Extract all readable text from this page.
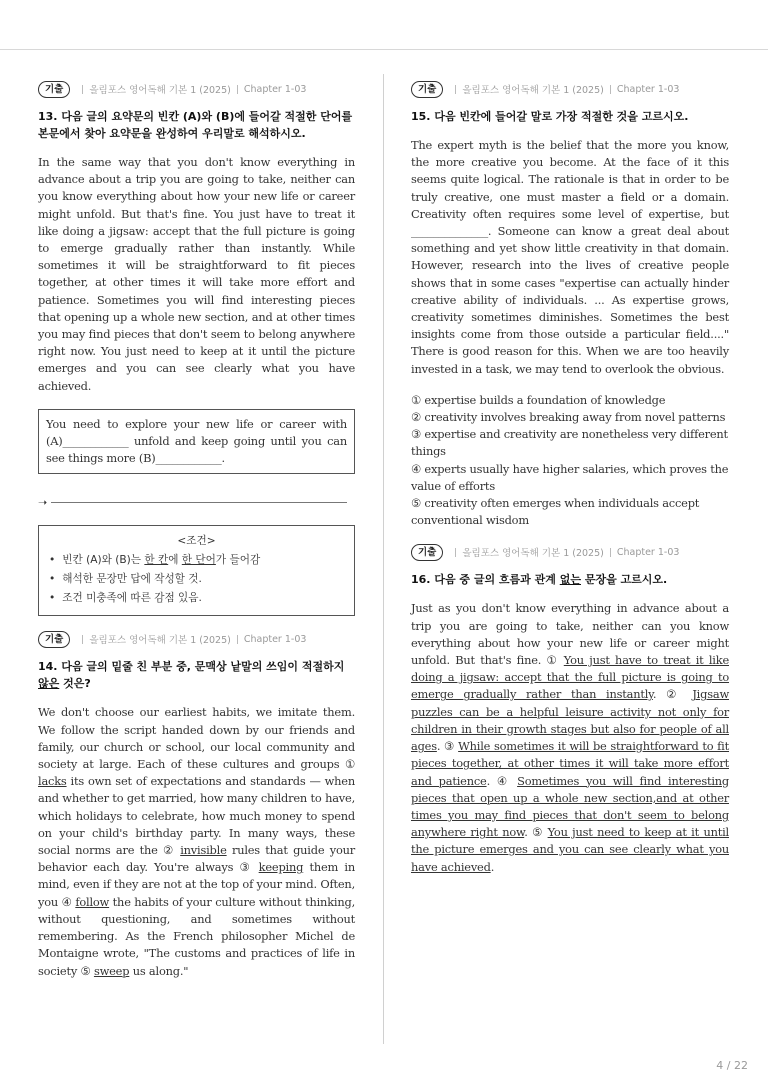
기출	올림포스 영어독해 기본 1 (2025) Chapter 1-03
13. 다음 글의 요약문의 빈칸 (A)와 (B)에 들어갈 적절한 단어를 본문에서 찾아 요약문을 완성하여 우리말로 해석하시오.
In the same way that you don't know everything in advance about a trip you are going to take, neither can you know everything about how your new life or career might unfold. But that's fine. You just have to treat it like doing a jigsaw: accept that the full picture is going to emerge gradually rather than instantly. While sometimes it will be straightforward to fit pieces together, at other times it will take more effort and patience. Sometimes you will find interesting pieces that opening up a whole new section, and at other times you may find pieces that don't seem to belong anywhere right now. You just need to keep at it until the picture emerges and you can see clearly what you have achieved.
You need to explore your new life or career with (A)____________ unfold and keep going until you can see things more (B)____________.
➝
<조건>
• 빈칸 (A)와 (B)는 한 칸에 한 단어가 들어감
• 해석한 문장만 답에 작성할 것.
• 조건 미충족에 따른 감점 있음.
기출	올림포스 영어독해 기본 1 (2025) Chapter 1-03
14. 다음 글의 밑줄 친 부분 중, 문맥상 낱말의 쓰임이 적절하지 않은 것은?
We don't choose our earliest habits, we imitate them. We follow the script handed down by our friends and family, our church or school, our local community and society at large. Each of these cultures and groups ① lacks its own set of expectations and standards — when and whether to get married, how many children to have, which holidays to celebrate, how much money to spend on your child's birthday party. In many ways, these social norms are the ② invisible rules that guide your behavior each day. You're always ③ keeping them in mind, even if they are not at the top of your mind. Often, you ④ follow the habits of your culture without thinking, without questioning, and sometimes without remembering. As the French philosopher Michel de Montaigne wrote, "The customs and practices of life in society ⑤ sweep us along."
기출	올림포스 영어독해 기본 1 (2025) Chapter 1-03
15. 다음 빈칸에 들어갈 말로 가장 적절한 것을 고르시오.
The expert myth is the belief that the more you know, the more creative you become. At the face of it this seems quite logical. The rationale is that in order to be truly creative, one must master a field or a domain. Creativity often requires some level of expertise, but ______________. Someone can know a great deal about something and yet show little creativity in that domain. However, research into the lives of creative people shows that in some cases "expertise can actually hinder creative ability of individuals. ... As expertise grows, creativity sometimes diminishes. Sometimes the best insights come from those outside a particular field...." There is good reason for this. When we are too heavily invested in a task, we may tend to overlook the obvious.
① expertise builds a foundation of knowledge
② creativity involves breaking away from novel patterns
③ expertise and creativity are nonetheless very different things
④ experts usually have higher salaries, which proves the value of efforts
⑤ creativity often emerges when individuals accept conventional wisdom
기출	올림포스 영어독해 기본 1 (2025) Chapter 1-03
16. 다음 중 글의 흐름과 관계 없는 문장을 고르시오.
Just as you don't know everything in advance about a trip you are going to take, neither can you know everything about how your new life or career might unfold. But that's fine. ① You just have to treat it like doing a jigsaw: accept that the full picture is going to emerge gradually rather than instantly. ② Jigsaw puzzles can be a helpful leisure activity not only for children in their growth stages but also for people of all ages. ③ While sometimes it will be straightforward to fit pieces together, at other times it will take more effort and patience. ④ Sometimes you will find interesting pieces that open up a whole new section,and at other times you may find pieces that don't seem to belong anywhere right now. ⑤ You just need to keep at it until the picture emerges and you can see clearly what you have achieved.
4 / 22
